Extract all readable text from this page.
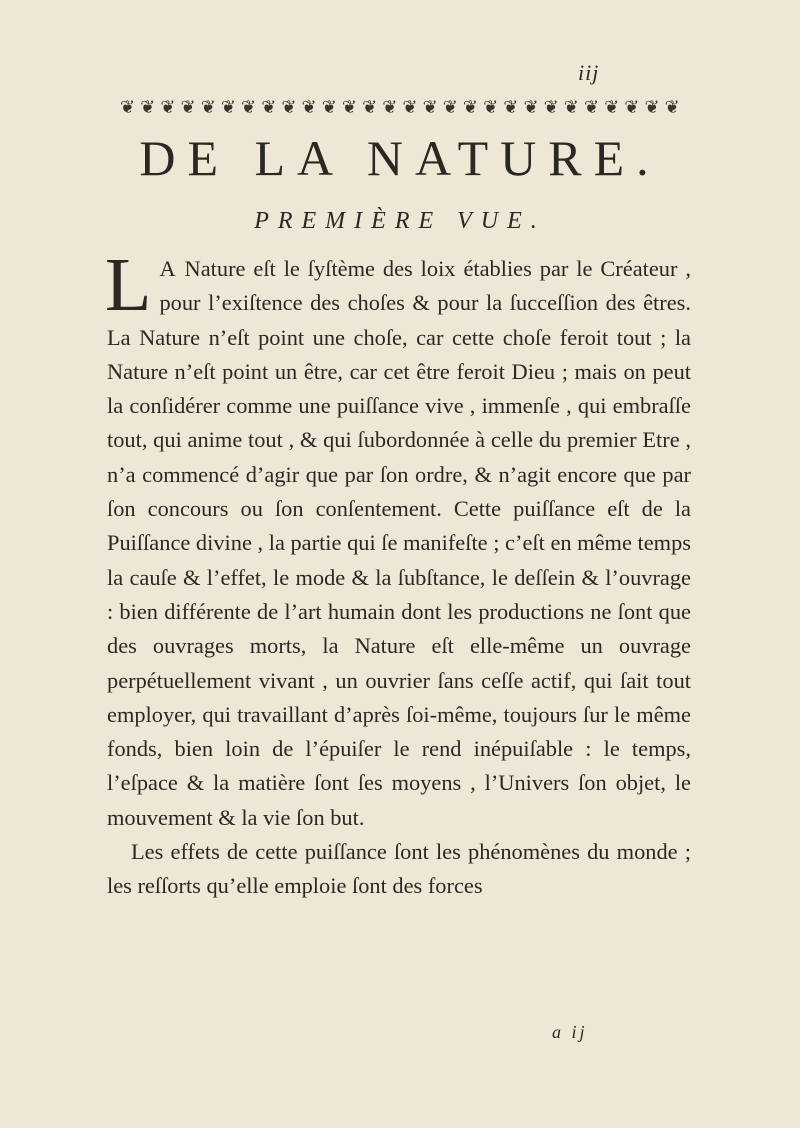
iij
❦ ❦ ❦ ❦ ❦ ❦ ❦ ❦ ❦ ❦ ❦ ❦ ❦ ❦ ❦ ❦ ❦ ❦ ❦ ❦ ❦ ❦ ❦ ❦ ❦ ❦ ❦ ❦
DE LA NATURE.
PREMIÈRE VUE.

L A Nature eſt le ſyſtème des loix établies par le Créateur , pour l’exiſtence des choſes & pour la ſucceſſion des êtres. La Nature n’eſt point une choſe, car cette choſe feroit tout ; la Nature n’eſt point un être, car cet être feroit Dieu ; mais on peut la conſidérer comme une puiſſance vive , immenſe , qui embraſſe tout, qui anime tout , & qui ſubordonnée à celle du premier Etre , n’a commencé d’agir que par ſon ordre, & n’agit encore que par ſon concours ou ſon conſentement. Cette puiſſance eſt de la Puiſſance divine , la partie qui ſe manifeſte ; c’eſt en même temps la cauſe & l’effet, le mode & la ſubſtance, le deſſein & l’ouvrage : bien différente de l’art humain dont les productions ne ſont que des ouvrages morts, la Nature eſt elle-même un ouvrage perpétuellement vivant , un ouvrier ſans ceſſe actif, qui ſait tout employer, qui travaillant d’après ſoi-même, toujours ſur le même fonds, bien loin de l’épuiſer le rend inépuiſable : le temps, l’eſpace & la matière ſont ſes moyens , l’Univers ſon objet, le mouvement & la vie ſon but.

Les effets de cette puiſſance ſont les phénomènes du monde ; les reſſorts qu’elle emploie ſont des forces

a ij
